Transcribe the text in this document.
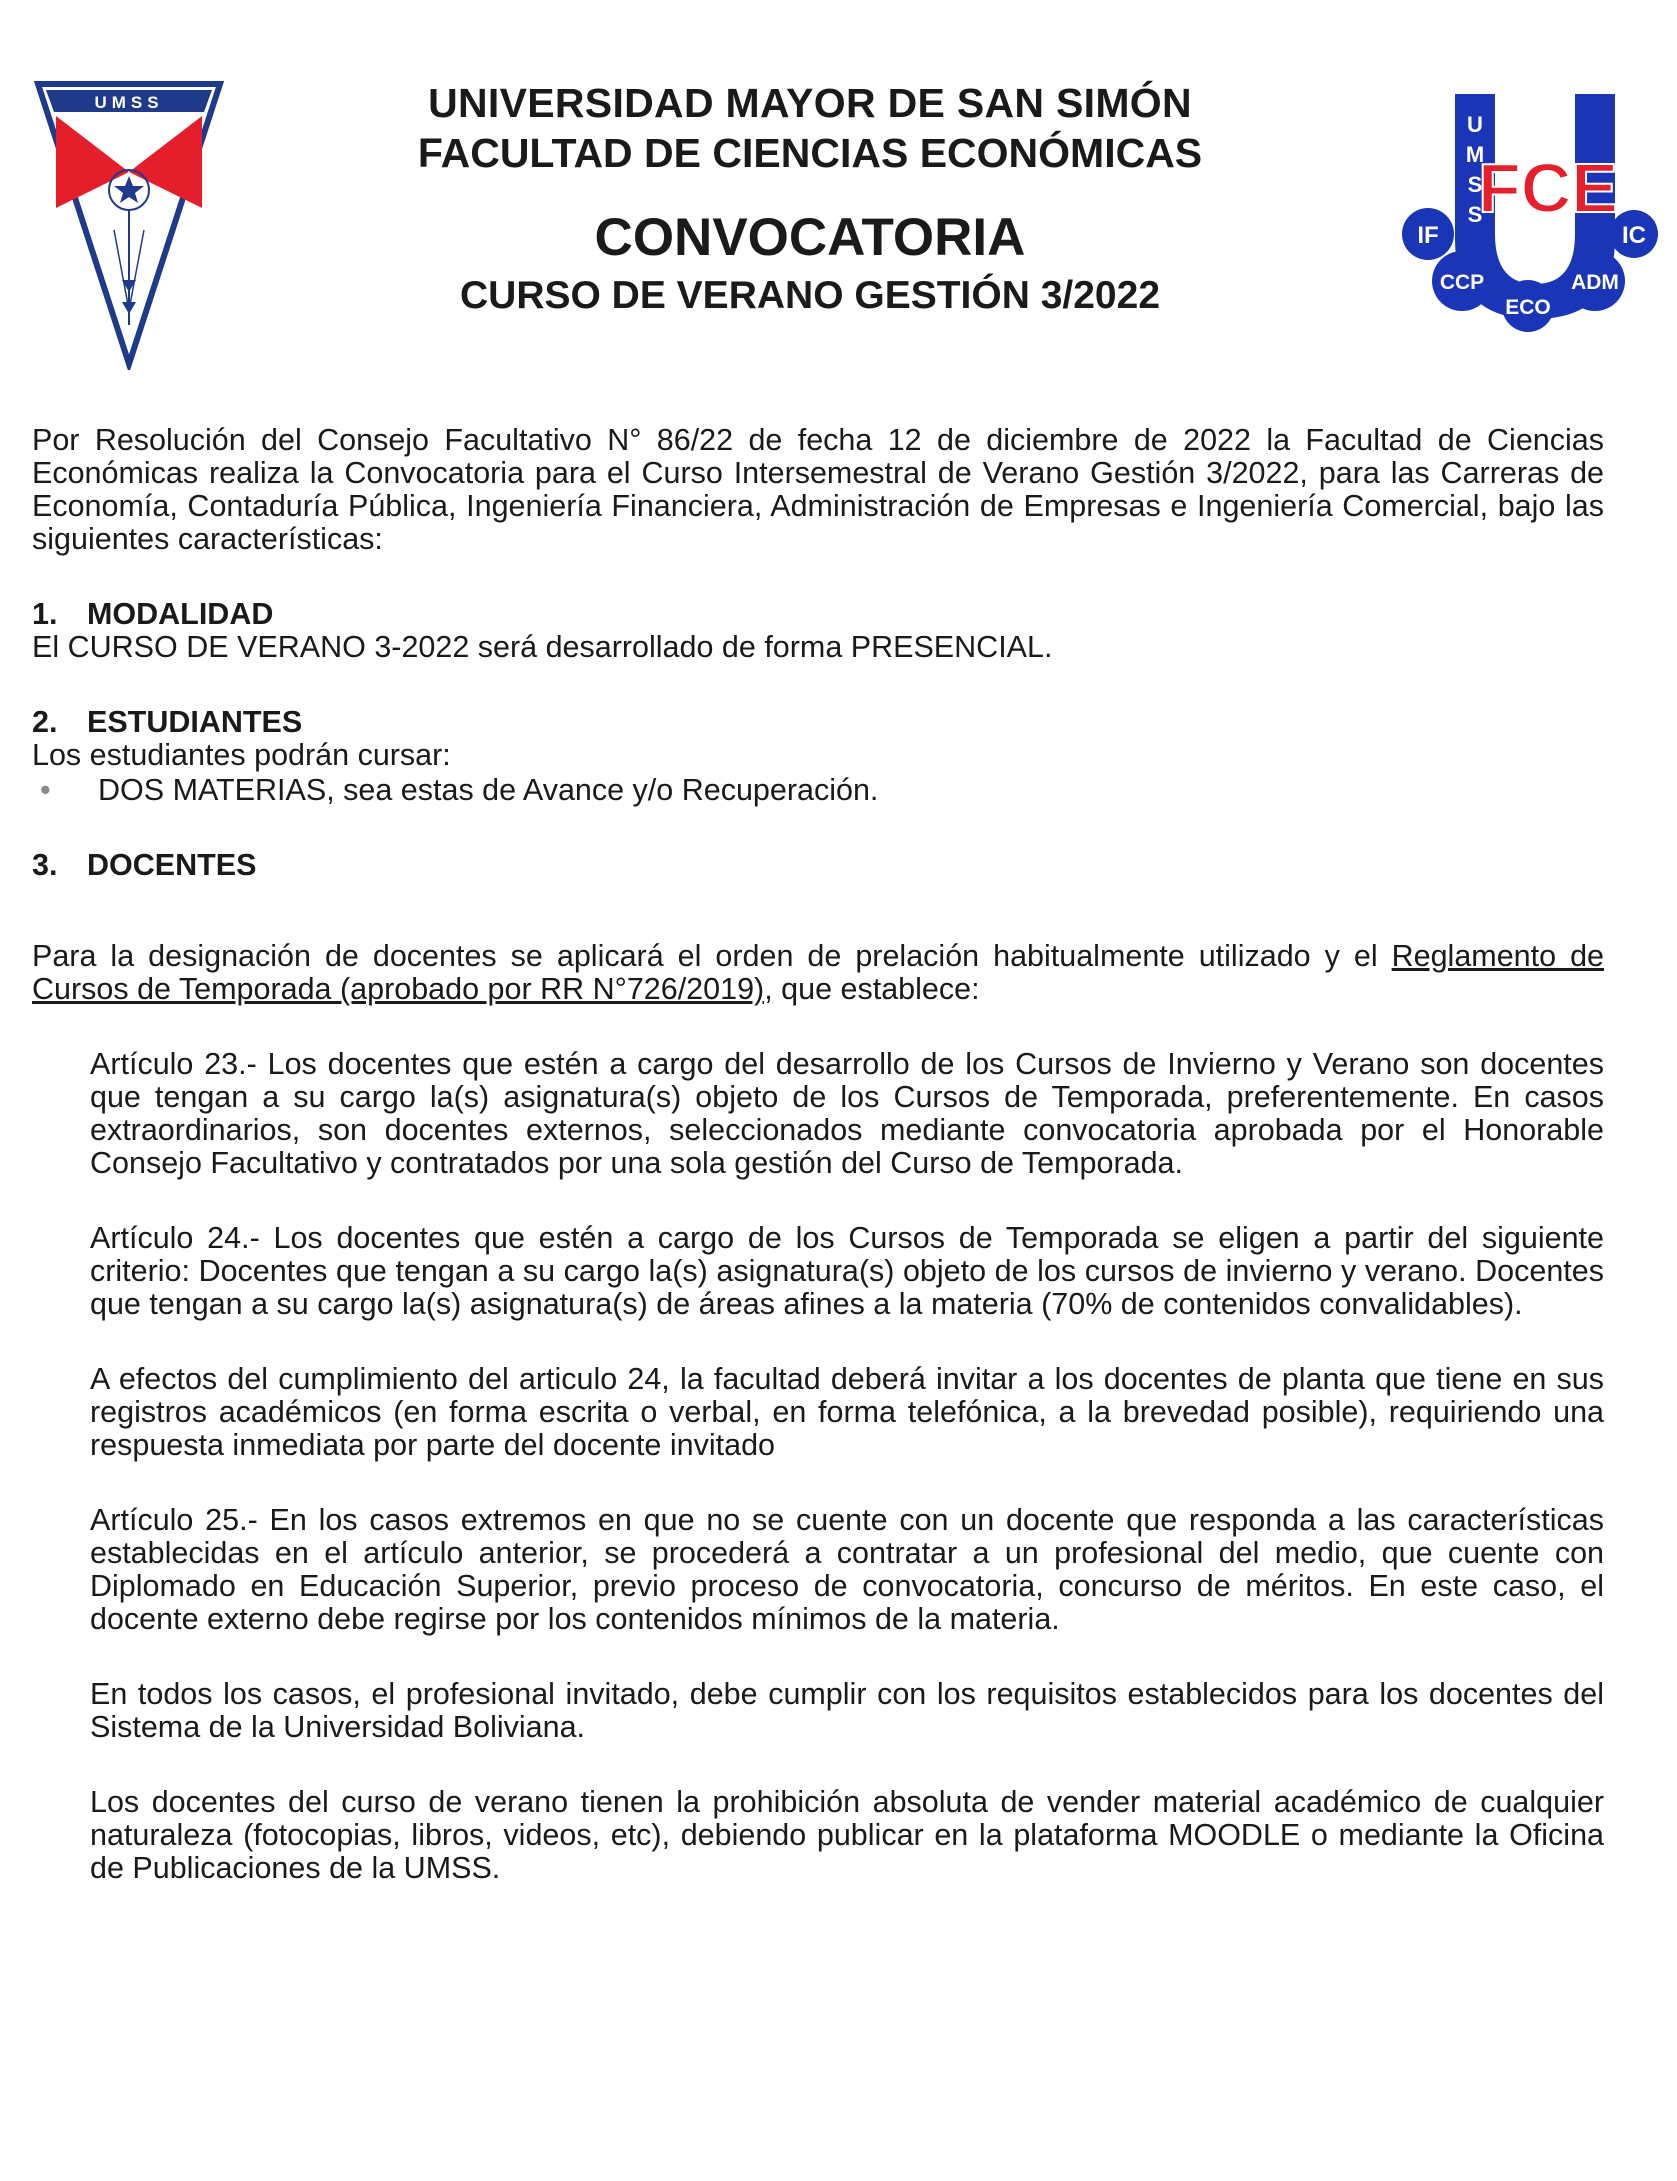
UMSS
U
M
S
S
FCE
IF	IC
CCP
ECO
ADM
UNIVERSIDAD MAYOR DE SAN SIMÓN
FACULTAD DE CIENCIAS ECONÓMICAS
CONVOCATORIA
CURSO DE VERANO GESTIÓN 3/2022

Por Resolución del Consejo Facultativo N° 86/22 de fecha 12 de diciembre de 2022 la Facultad de Ciencias Económicas realiza la Convocatoria para el Curso Intersemestral de Verano Gestión 3/2022, para las Carreras de Economía, Contaduría Pública, Ingeniería Financiera, Administración de Empresas e Ingeniería Comercial, bajo las siguientes características:

1. MODALIDAD

El CURSO DE VERANO 3-2022 será desarrollado de forma PRESENCIAL.

2. ESTUDIANTES

Los estudiantes podrán cursar:

•	DOS MATERIAS, sea estas de Avance y/o Recuperación.
3. DOCENTES

Para la designación de docentes se aplicará el orden de prelación habitualmente utilizado y el Reglamento de Cursos de Temporada (aprobado por RR N°726/2019), que establece:

Artículo 23.- Los docentes que estén a cargo del desarrollo de los Cursos de Invierno y Verano son docentes que tengan a su cargo la(s) asignatura(s) objeto de los Cursos de Temporada, preferentemente. En casos extraordinarios, son docentes externos, seleccionados mediante convocatoria aprobada por el Honorable Consejo Facultativo y contratados por una sola gestión del Curso de Temporada.

Artículo 24.- Los docentes que estén a cargo de los Cursos de Temporada se eligen a partir del siguiente criterio: Docentes que tengan a su cargo la(s) asignatura(s) objeto de los cursos de invierno y verano. Docentes que tengan a su cargo la(s) asignatura(s) de áreas afines a la materia (70% de contenidos convalidables).

A efectos del cumplimiento del articulo 24, la facultad deberá invitar a los docentes de planta que tiene en sus registros académicos (en forma escrita o verbal, en forma telefónica, a la brevedad posible), requiriendo una respuesta inmediata por parte del docente invitado

Artículo 25.- En los casos extremos en que no se cuente con un docente que responda a las características establecidas en el artículo anterior, se procederá a contratar a un profesional del medio, que cuente con Diplomado en Educación Superior, previo proceso de convocatoria, concurso de méritos. En este caso, el docente externo debe regirse por los contenidos mínimos de la materia.

En todos los casos, el profesional invitado, debe cumplir con los requisitos establecidos para los docentes del Sistema de la Universidad Boliviana.

Los docentes del curso de verano tienen la prohibición absoluta de vender material académico de cualquier naturaleza (fotocopias, libros, videos, etc), debiendo publicar en la plataforma MOODLE o mediante la Oficina de Publicaciones de la UMSS.
